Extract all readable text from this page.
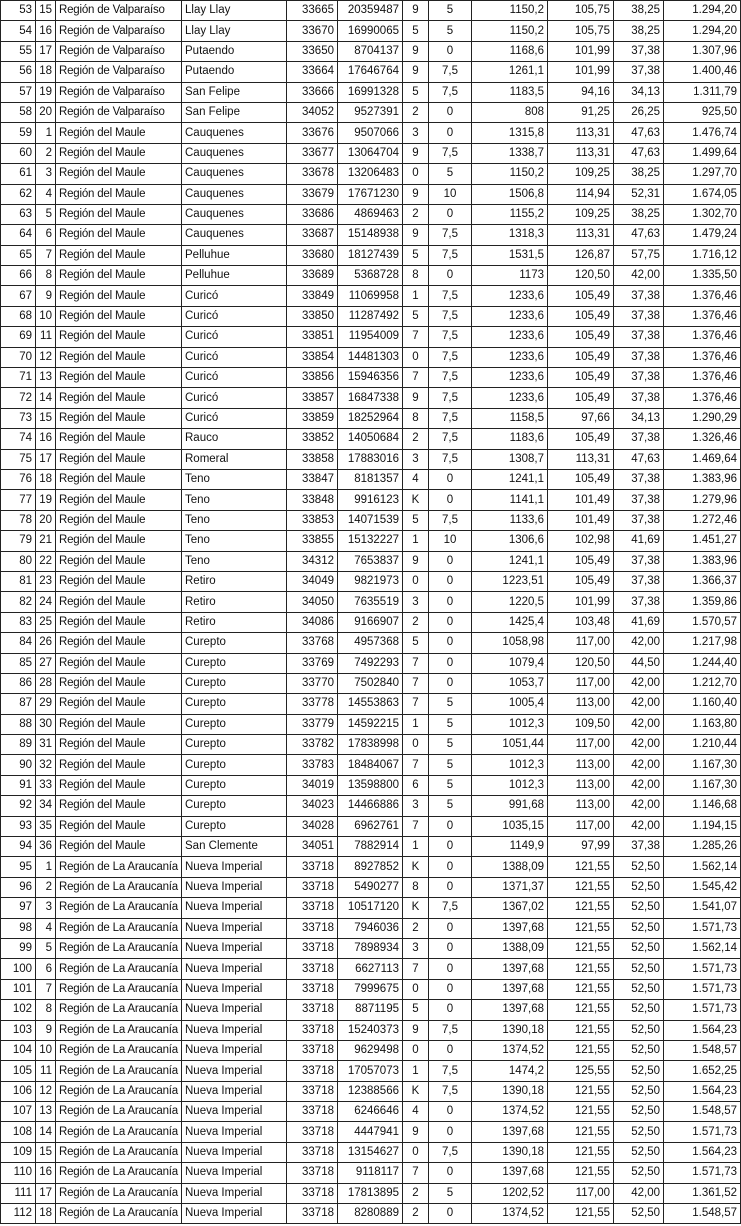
53	15	Región de Valparaíso	Llay Llay	33665	20359487	9	5	1150,2	105,75	38,25	1.294,20
54	16	Región de Valparaíso	Llay Llay	33670	16990065	5	5	1150,2	105,75	38,25	1.294,20
55	17	Región de Valparaíso	Putaendo	33650	8704137	9	0	1168,6	101,99	37,38	1.307,96
56	18	Región de Valparaíso	Putaendo	33664	17646764	9	7,5	1261,1	101,99	37,38	1.400,46
57	19	Región de Valparaíso	San Felipe	33666	16991328	5	7,5	1183,5	94,16	34,13	1.311,79
58	20	Región de Valparaíso	San Felipe	34052	9527391	2	0	808	91,25	26,25	925,50
59	1	Región del Maule	Cauquenes	33676	9507066	3	0	1315,8	113,31	47,63	1.476,74
60	2	Región del Maule	Cauquenes	33677	13064704	9	7,5	1338,7	113,31	47,63	1.499,64
61	3	Región del Maule	Cauquenes	33678	13206483	0	5	1150,2	109,25	38,25	1.297,70
62	4	Región del Maule	Cauquenes	33679	17671230	9	10	1506,8	114,94	52,31	1.674,05
63	5	Región del Maule	Cauquenes	33686	4869463	2	0	1155,2	109,25	38,25	1.302,70
64	6	Región del Maule	Cauquenes	33687	15148938	9	7,5	1318,3	113,31	47,63	1.479,24
65	7	Región del Maule	Pelluhue	33680	18127439	5	7,5	1531,5	126,87	57,75	1.716,12
66	8	Región del Maule	Pelluhue	33689	5368728	8	0	1173	120,50	42,00	1.335,50
67	9	Región del Maule	Curicó	33849	11069958	1	7,5	1233,6	105,49	37,38	1.376,46
68	10	Región del Maule	Curicó	33850	11287492	5	7,5	1233,6	105,49	37,38	1.376,46
69	11	Región del Maule	Curicó	33851	11954009	7	7,5	1233,6	105,49	37,38	1.376,46
70	12	Región del Maule	Curicó	33854	14481303	0	7,5	1233,6	105,49	37,38	1.376,46
71	13	Región del Maule	Curicó	33856	15946356	7	7,5	1233,6	105,49	37,38	1.376,46
72	14	Región del Maule	Curicó	33857	16847338	9	7,5	1233,6	105,49	37,38	1.376,46
73	15	Región del Maule	Curicó	33859	18252964	8	7,5	1158,5	97,66	34,13	1.290,29
74	16	Región del Maule	Rauco	33852	14050684	2	7,5	1183,6	105,49	37,38	1.326,46
75	17	Región del Maule	Romeral	33858	17883016	3	7,5	1308,7	113,31	47,63	1.469,64
76	18	Región del Maule	Teno	33847	8181357	4	0	1241,1	105,49	37,38	1.383,96
77	19	Región del Maule	Teno	33848	9916123	K	0	1141,1	101,49	37,38	1.279,96
78	20	Región del Maule	Teno	33853	14071539	5	7,5	1133,6	101,49	37,38	1.272,46
79	21	Región del Maule	Teno	33855	15132227	1	10	1306,6	102,98	41,69	1.451,27
80	22	Región del Maule	Teno	34312	7653837	9	0	1241,1	105,49	37,38	1.383,96
81	23	Región del Maule	Retiro	34049	9821973	0	0	1223,51	105,49	37,38	1.366,37
82	24	Región del Maule	Retiro	34050	7635519	3	0	1220,5	101,99	37,38	1.359,86
83	25	Región del Maule	Retiro	34086	9166907	2	0	1425,4	103,48	41,69	1.570,57
84	26	Región del Maule	Curepto	33768	4957368	5	0	1058,98	117,00	42,00	1.217,98
85	27	Región del Maule	Curepto	33769	7492293	7	0	1079,4	120,50	44,50	1.244,40
86	28	Región del Maule	Curepto	33770	7502840	7	0	1053,7	117,00	42,00	1.212,70
87	29	Región del Maule	Curepto	33778	14553863	7	5	1005,4	113,00	42,00	1.160,40
88	30	Región del Maule	Curepto	33779	14592215	1	5	1012,3	109,50	42,00	1.163,80
89	31	Región del Maule	Curepto	33782	17838998	0	5	1051,44	117,00	42,00	1.210,44
90	32	Región del Maule	Curepto	33783	18484067	7	5	1012,3	113,00	42,00	1.167,30
91	33	Región del Maule	Curepto	34019	13598800	6	5	1012,3	113,00	42,00	1.167,30
92	34	Región del Maule	Curepto	34023	14466886	3	5	991,68	113,00	42,00	1.146,68
93	35	Región del Maule	Curepto	34028	6962761	7	0	1035,15	117,00	42,00	1.194,15
94	36	Región del Maule	San Clemente	34051	7882914	1	0	1149,9	97,99	37,38	1.285,26
95	1	Región de La Araucanía	Nueva Imperial	33718	8927852	K	0	1388,09	121,55	52,50	1.562,14
96	2	Región de La Araucanía	Nueva Imperial	33718	5490277	8	0	1371,37	121,55	52,50	1.545,42
97	3	Región de La Araucanía	Nueva Imperial	33718	10517120	K	7,5	1367,02	121,55	52,50	1.541,07
98	4	Región de La Araucanía	Nueva Imperial	33718	7946036	2	0	1397,68	121,55	52,50	1.571,73
99	5	Región de La Araucanía	Nueva Imperial	33718	7898934	3	0	1388,09	121,55	52,50	1.562,14
100	6	Región de La Araucanía	Nueva Imperial	33718	6627113	7	0	1397,68	121,55	52,50	1.571,73
101	7	Región de La Araucanía	Nueva Imperial	33718	7999675	0	0	1397,68	121,55	52,50	1.571,73
102	8	Región de La Araucanía	Nueva Imperial	33718	8871195	5	0	1397,68	121,55	52,50	1.571,73
103	9	Región de La Araucanía	Nueva Imperial	33718	15240373	9	7,5	1390,18	121,55	52,50	1.564,23
104	10	Región de La Araucanía	Nueva Imperial	33718	9629498	0	0	1374,52	121,55	52,50	1.548,57
105	11	Región de La Araucanía	Nueva Imperial	33718	17057073	1	7,5	1474,2	125,55	52,50	1.652,25
106	12	Región de La Araucanía	Nueva Imperial	33718	12388566	K	7,5	1390,18	121,55	52,50	1.564,23
107	13	Región de La Araucanía	Nueva Imperial	33718	6246646	4	0	1374,52	121,55	52,50	1.548,57
108	14	Región de La Araucanía	Nueva Imperial	33718	4447941	9	0	1397,68	121,55	52,50	1.571,73
109	15	Región de La Araucanía	Nueva Imperial	33718	13154627	0	7,5	1390,18	121,55	52,50	1.564,23
110	16	Región de La Araucanía	Nueva Imperial	33718	9118117	7	0	1397,68	121,55	52,50	1.571,73
111	17	Región de La Araucanía	Nueva Imperial	33718	17813895	2	5	1202,52	117,00	42,00	1.361,52
112	18	Región de La Araucanía	Nueva Imperial	33718	8280889	2	0	1374,52	121,55	52,50	1.548,57
